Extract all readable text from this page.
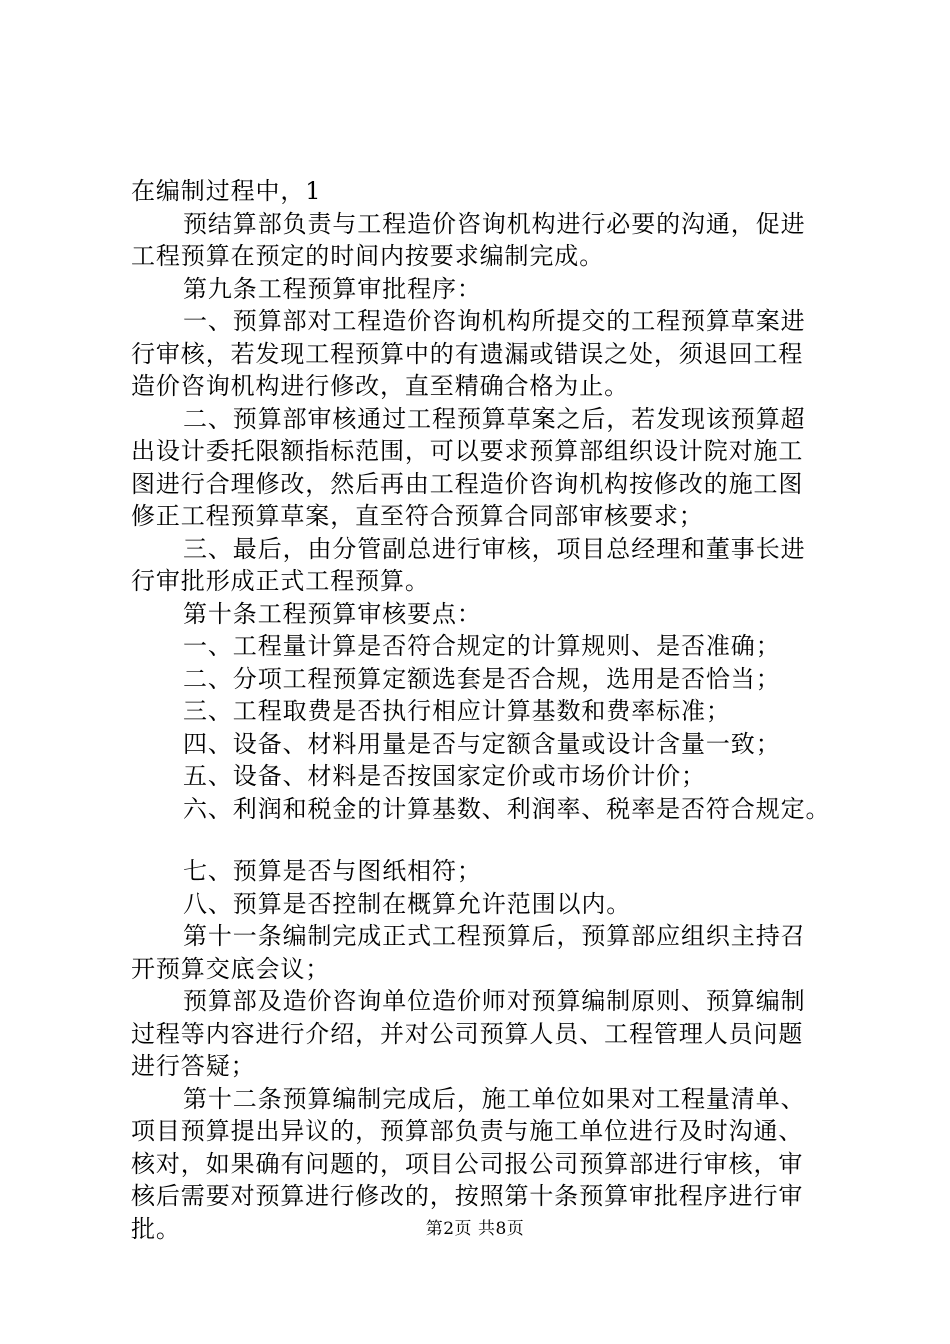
在编制过程中，1

预结算部负责与工程造价咨询机构进行必要的沟通，促进

工程预算在预定的时间内按要求编制完成。

第九条工程预算审批程序：

一、预算部对工程造价咨询机构所提交的工程预算草案进

行审核，若发现工程预算中的有遗漏或错误之处，须退回工程

造价咨询机构进行修改，直至精确合格为止。

二、预算部审核通过工程预算草案之后，若发现该预算超

出设计委托限额指标范围，可以要求预算部组织设计院对施工

图进行合理修改，然后再由工程造价咨询机构按修改的施工图

修正工程预算草案，直至符合预算合同部审核要求；

三、最后，由分管副总进行审核，项目总经理和董事长进

行审批形成正式工程预算。

第十条工程预算审核要点：

一、工程量计算是否符合规定的计算规则、是否准确；

二、分项工程预算定额选套是否合规，选用是否恰当；

三、工程取费是否执行相应计算基数和费率标准；

四、设备、材料用量是否与定额含量或设计含量一致；

五、设备、材料是否按国家定价或市场价计价；

六、利润和税金的计算基数、利润率、税率是否符合规定。

七、预算是否与图纸相符；

八、预算是否控制在概算允许范围以内。

第十一条编制完成正式工程预算后，预算部应组织主持召

开预算交底会议；

预算部及造价咨询单位造价师对预算编制原则、预算编制

过程等内容进行介绍，并对公司预算人员、工程管理人员问题

进行答疑；

第十二条预算编制完成后，施工单位如果对工程量清单、

项目预算提出异议的，预算部负责与施工单位进行及时沟通、

核对，如果确有问题的，项目公司报公司预算部进行审核，审

核后需要对预算进行修改的，按照第十条预算审批程序进行审

批。	第2页 共8页
